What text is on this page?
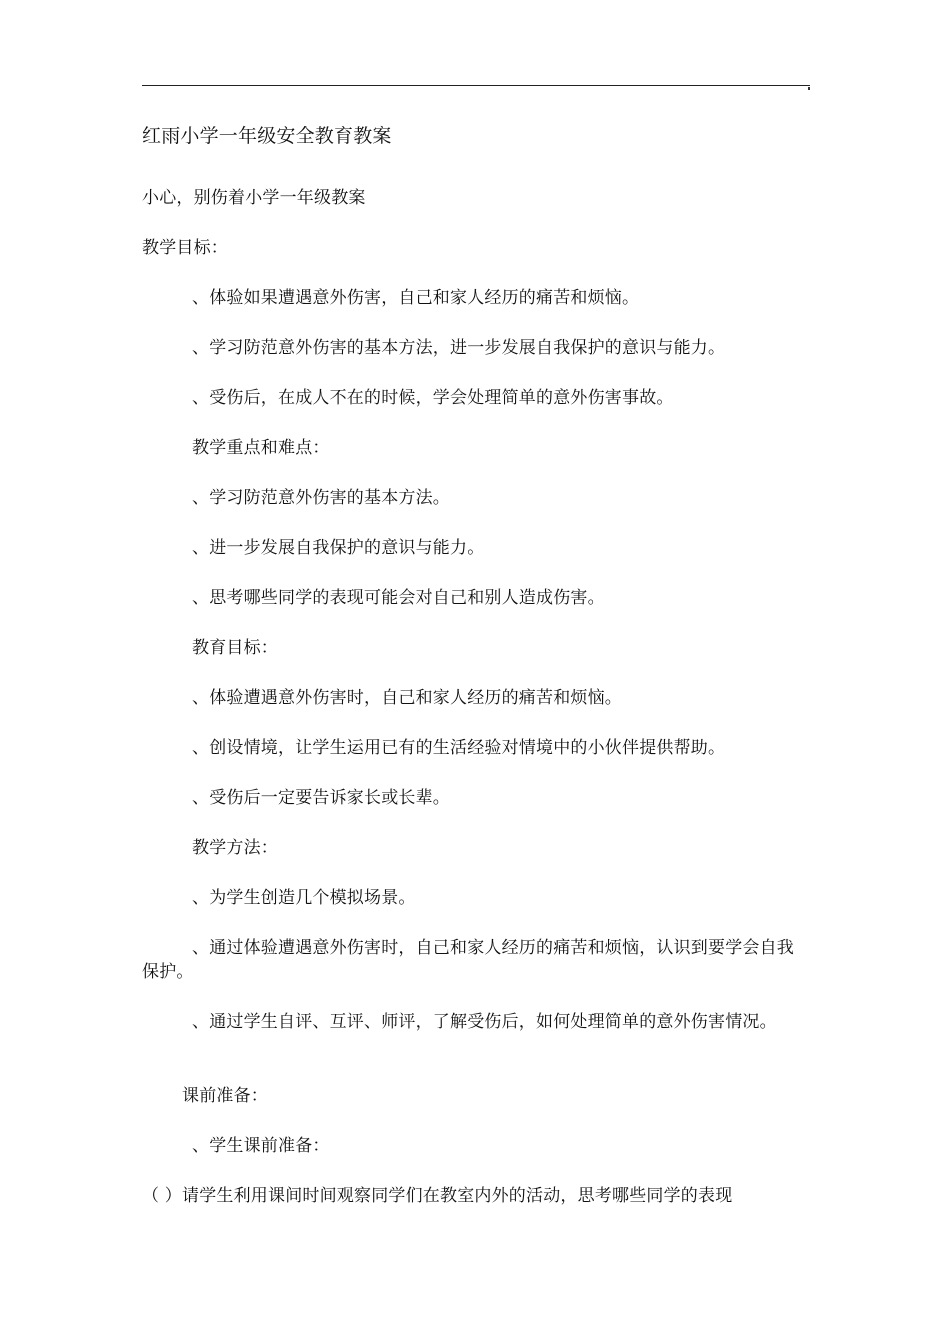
红雨小学一年级安全教育教案
小心，别伤着小学一年级教案
教学目标：
、体验如果遭遇意外伤害，自己和家人经历的痛苦和烦恼。
、学习防范意外伤害的基本方法，进一步发展自我保护的意识与能力。
、受伤后，在成人不在的时候，学会处理简单的意外伤害事故。
教学重点和难点：
、学习防范意外伤害的基本方法。
、进一步发展自我保护的意识与能力。
、思考哪些同学的表现可能会对自己和别人造成伤害。
教育目标：
、体验遭遇意外伤害时，自己和家人经历的痛苦和烦恼。
、创设情境，让学生运用已有的生活经验对情境中的小伙伴提供帮助。
、受伤后一定要告诉家长或长辈。
教学方法：
、为学生创造几个模拟场景。
、通过体验遭遇意外伤害时，自己和家人经历的痛苦和烦恼，认识到要学会自我保护。
、通过学生自评、互评、师评，了解受伤后，如何处理简单的意外伤害情况。
课前准备：
、学生课前准备：
（ ）请学生利用课间时间观察同学们在教室内外的活动，思考哪些同学的表现
